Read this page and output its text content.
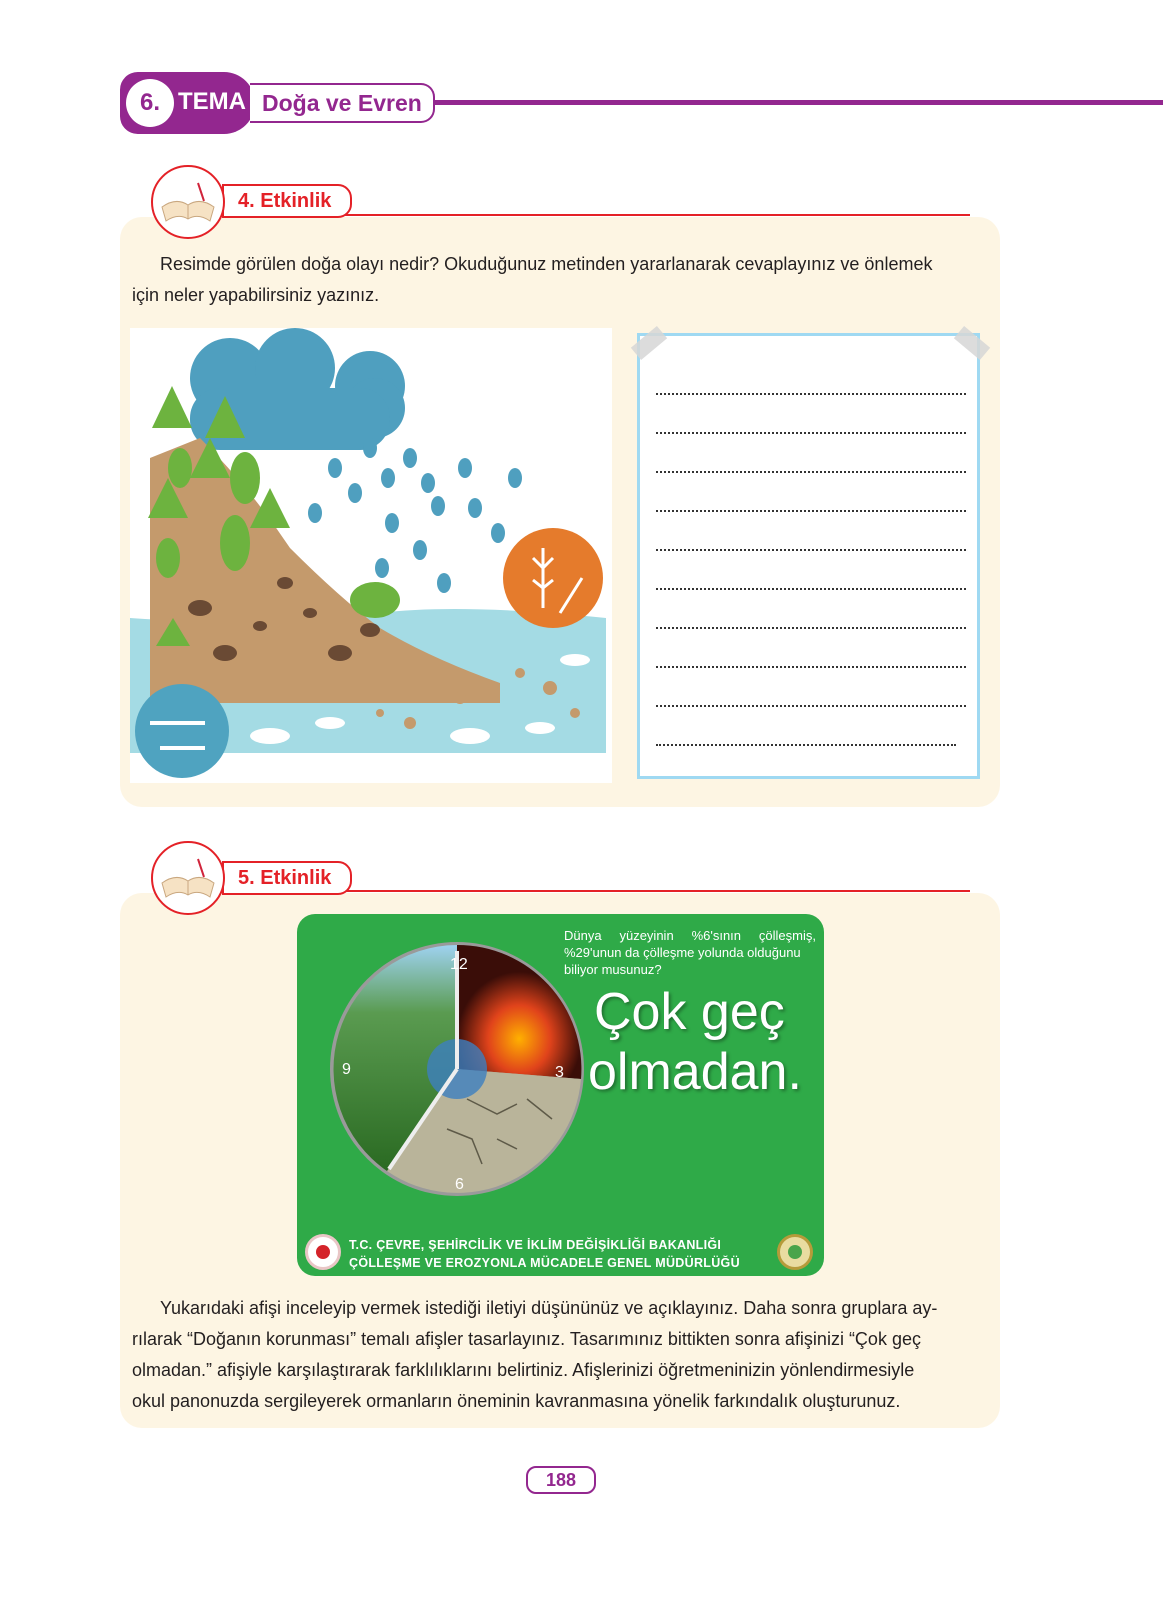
6. TEMA Doğa ve Evren
4. Etkinlik
Resimde görülen doğa olayı nedir? Okuduğunuz metinden yararlanarak cevaplayınız ve önlemek
için neler yapabilirsiniz yazınız.
5. Etkinlik
12
3
6
9
Dünya yüzeyinin %6'sının çölleşmiş,
%29'unun da çölleşme yolunda olduğunu
biliyor musunuz?
Çok geç
olmadan.
T.C. ÇEVRE, ŞEHİRCİLİK VE İKLİM DEĞİŞİKLİĞİ BAKANLIĞI
ÇÖLLEŞME VE EROZYONLA MÜCADELE GENEL MÜDÜRLÜĞÜ
Yukarıdaki afişi inceleyip vermek istediği iletiyi düşününüz ve açıklayınız. Daha sonra gruplara ay-
rılarak “Doğanın korunması” temalı afişler tasarlayınız. Tasarımınız bittikten sonra afişinizi “Çok geç
olmadan.” afişiyle karşılaştırarak farklılıklarını belirtiniz. Afişlerinizi öğretmeninizin yönlendirmesiyle
okul panonuzda sergileyerek ormanların öneminin kavranmasına yönelik farkındalık oluşturunuz.
188
